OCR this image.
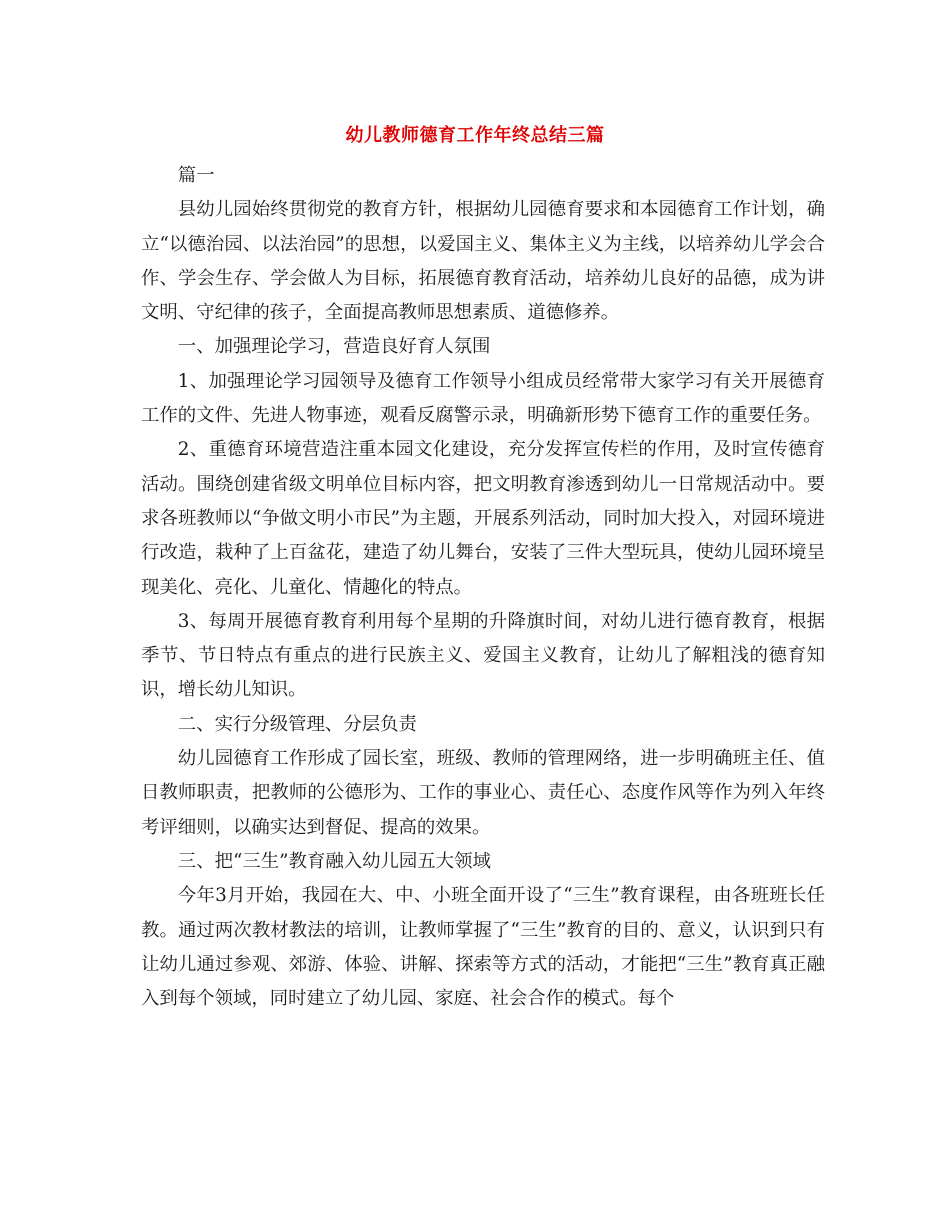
幼儿教师德育工作年终总结三篇

篇一

县幼儿园始终贯彻党的教育方针，根据幼儿园德育要求和本园德育工作计划，确立“以德治园、以法治园”的思想，以爱国主义、集体主义为主线，以培养幼儿学会合作、学会生存、学会做人为目标，拓展德育教育活动，培养幼儿良好的品德，成为讲文明、守纪律的孩子，全面提高教师思想素质、道德修养。

一、加强理论学习，营造良好育人氛围

1、加强理论学习园领导及德育工作领导小组成员经常带大家学习有关开展德育工作的文件、先进人物事迹，观看反腐警示录，明确新形势下德育工作的重要任务。

2、重德育环境营造注重本园文化建设，充分发挥宣传栏的作用，及时宣传德育活动。围绕创建省级文明单位目标内容，把文明教育渗透到幼儿一日常规活动中。要求各班教师以“争做文明小市民”为主题，开展系列活动，同时加大投入，对园环境进行改造，栽种了上百盆花，建造了幼儿舞台，安装了三件大型玩具，使幼儿园环境呈现美化、亮化、儿童化、情趣化的特点。

3、每周开展德育教育利用每个星期的升降旗时间，对幼儿进行德育教育，根据季节、节日特点有重点的进行民族主义、爱国主义教育，让幼儿了解粗浅的德育知识，增长幼儿知识。

二、实行分级管理、分层负责

幼儿园德育工作形成了园长室，班级、教师的管理网络，进一步明确班主任、值日教师职责，把教师的公德形为、工作的事业心、责任心、态度作风等作为列入年终考评细则，以确实达到督促、提高的效果。

三、把“三生”教育融入幼儿园五大领域

今年3月开始，我园在大、中、小班全面开设了“三生”教育课程，由各班班长任教。通过两次教材教法的培训，让教师掌握了“三生”教育的目的、意义，认识到只有让幼儿通过参观、郊游、体验、讲解、探索等方式的活动，才能把“三生”教育真正融入到每个领域，同时建立了幼儿园、家庭、社会合作的模式。每个
